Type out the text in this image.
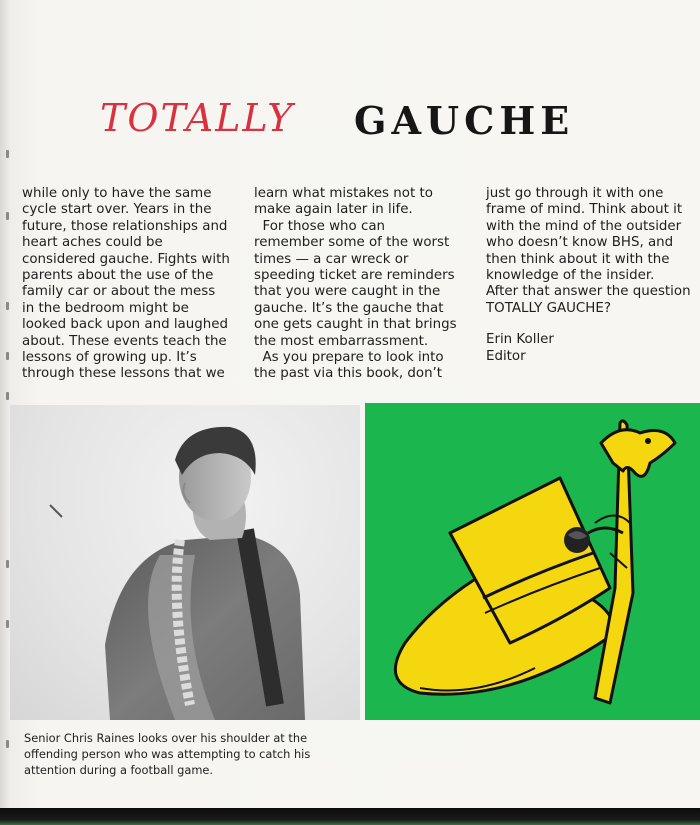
TOTALLY GAUCHE

while only to have the same

cycle start over. Years in the

future, those relationships and

heart aches could be

considered gauche. Fights with

parents about the use of the

family car or about the mess

in the bedroom might be

looked back upon and laughed

about. These events teach the

lessons of growing up. It’s

through these lessons that we

learn what mistakes not to

make again later in life.

For those who can

remember some of the worst

times — a car wreck or

speeding ticket are reminders

that you were caught in the

gauche. It’s the gauche that

one gets caught in that brings

the most embarrassment.

As you prepare to look into

the past via this book, don’t

just go through it with one

frame of mind. Think about it

with the mind of the outsider

who doesn’t know BHS, and

then think about it with the

knowledge of the insider.

After that answer the question

TOTALLY GAUCHE?

Erin Koller

Editor

Senior Chris Raines looks over his shoulder at the

offending person who was attempting to catch his

attention during a football game.
